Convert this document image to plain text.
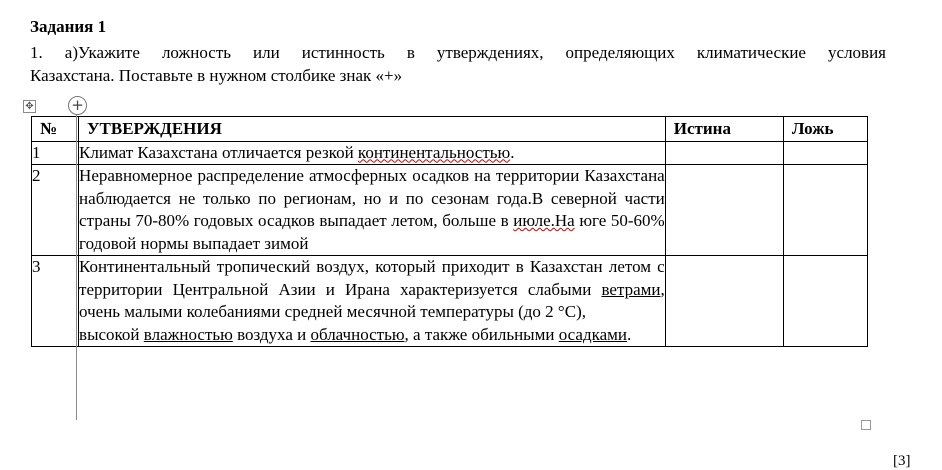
Задания 1
1. а)Укажите ложность или истинность в утверждениях, определяющих климатические условия
Казахстана. Поставьте в нужном столбике знак «+»
✥	+
№	УТВЕРЖДЕНИЯ	Истина	Ложь
1	Климат Казахстана отличается резкой континентальностью.		
2	Неравномерное распределение атмосферных осадков на территории Казахстана наблюдается не только по регионам, но и по сезонам года.В северной части страны 70-80% годовых осадков выпадает летом, больше в июле.На юге 50-60% годовой нормы выпадает зимой		
3	Континентальный тропический воздух, который приходит в Казахстан летом с территории Центральной Азии и Ирана характеризуется слабыми ветрами, очень малыми колебаниями средней месячной температуры (до 2 °С),
высокой влажностью воздуха и облачностью, а также обильными осадками.		
[3]
